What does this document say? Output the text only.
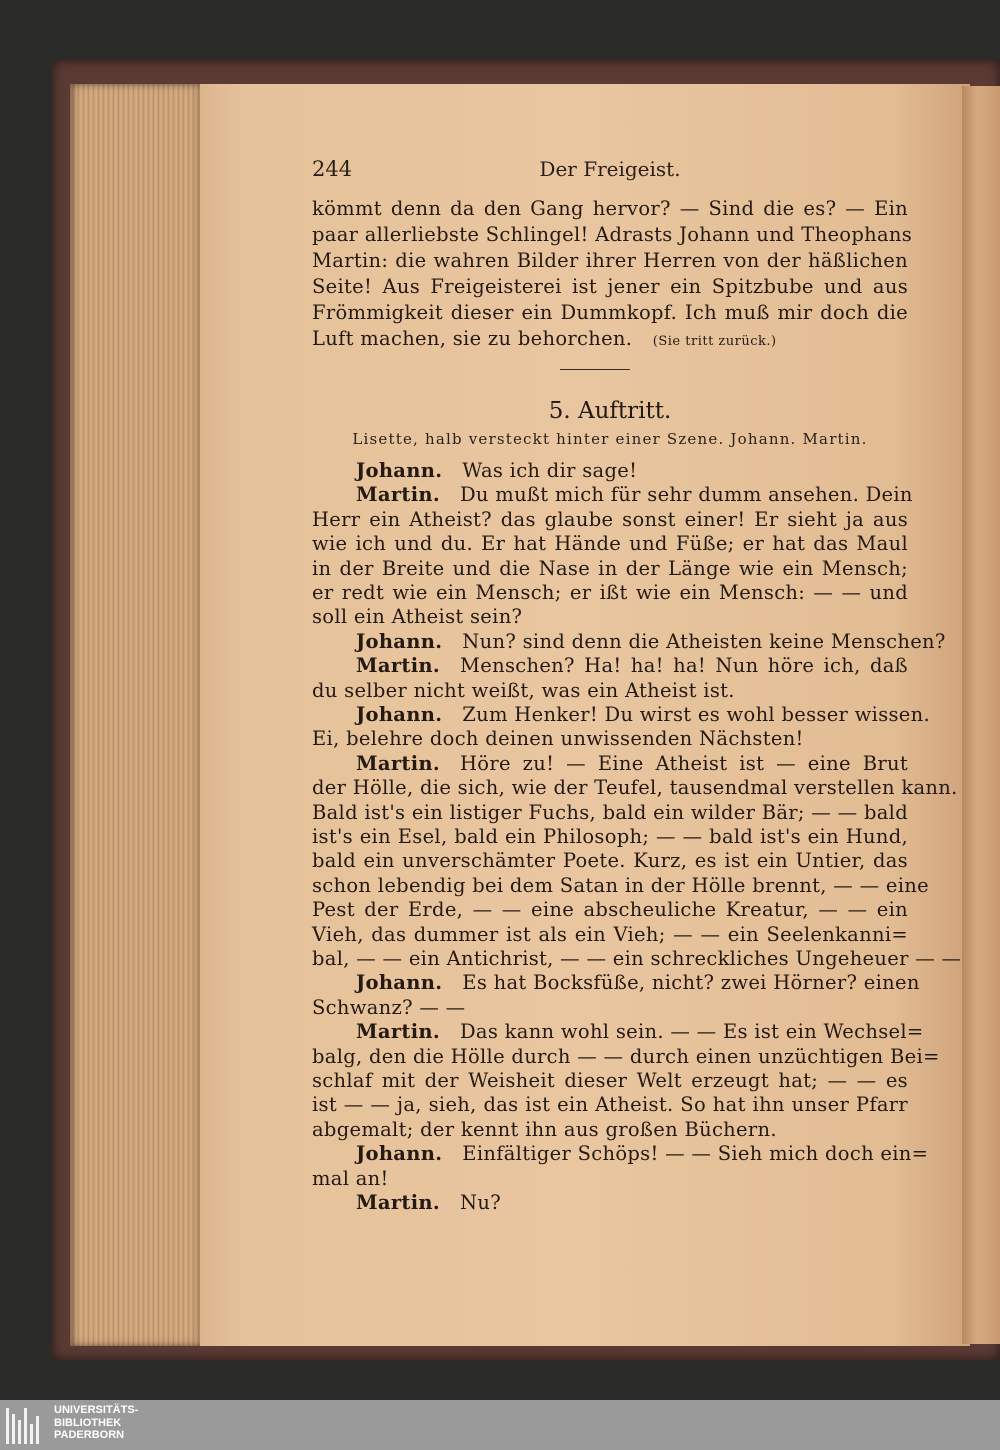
244	Der Freigeist.
kömmt denn da den Gang hervor? — Sind die es? — Ein
paar allerliebste Schlingel! Adrasts Johann und Theophans
Martin: die wahren Bilder ihrer Herren von der häßlichen
Seite! Aus Freigeisterei ist jener ein Spitzbube und aus
Frömmigkeit dieser ein Dummkopf. Ich muß mir doch die
Luft machen, sie zu behorchen. (Sie tritt zurück.)
5. Auftritt.
Lisette, halb versteckt hinter einer Szene. Johann. Martin.
Johann. Was ich dir sage!
Martin. Du mußt mich für sehr dumm ansehen. Dein
Herr ein Atheist? das glaube sonst einer! Er sieht ja aus
wie ich und du. Er hat Hände und Füße; er hat das Maul
in der Breite und die Nase in der Länge wie ein Mensch;
er redt wie ein Mensch; er ißt wie ein Mensch: — — und
soll ein Atheist sein?
Johann. Nun? sind denn die Atheisten keine Menschen?
Martin. Menschen? Ha! ha! ha! Nun höre ich, daß
du selber nicht weißt, was ein Atheist ist.
Johann. Zum Henker! Du wirst es wohl besser wissen.
Ei, belehre doch deinen unwissenden Nächsten!
Martin. Höre zu! — Eine Atheist ist — eine Brut
der Hölle, die sich, wie der Teufel, tausendmal verstellen kann.
Bald ist's ein listiger Fuchs, bald ein wilder Bär; — — bald
ist's ein Esel, bald ein Philosoph; — — bald ist's ein Hund,
bald ein unverschämter Poete. Kurz, es ist ein Untier, das
schon lebendig bei dem Satan in der Hölle brennt, — — eine
Pest der Erde, — — eine abscheuliche Kreatur, — — ein
Vieh, das dummer ist als ein Vieh; — — ein Seelenkanni=
bal, — — ein Antichrist, — — ein schreckliches Ungeheuer — —
Johann. Es hat Bocksfüße, nicht? zwei Hörner? einen
Schwanz? — —
Martin. Das kann wohl sein. — — Es ist ein Wechsel=
balg, den die Hölle durch — — durch einen unzüchtigen Bei=
schlaf mit der Weisheit dieser Welt erzeugt hat; — — es
ist — — ja, sieh, das ist ein Atheist. So hat ihn unser Pfarr
abgemalt; der kennt ihn aus großen Büchern.
Johann. Einfältiger Schöps! — — Sieh mich doch ein=
mal an!
Martin. Nu?
UNIVERSITÄTS-
BIBLIOTHEK
PADERBORN
